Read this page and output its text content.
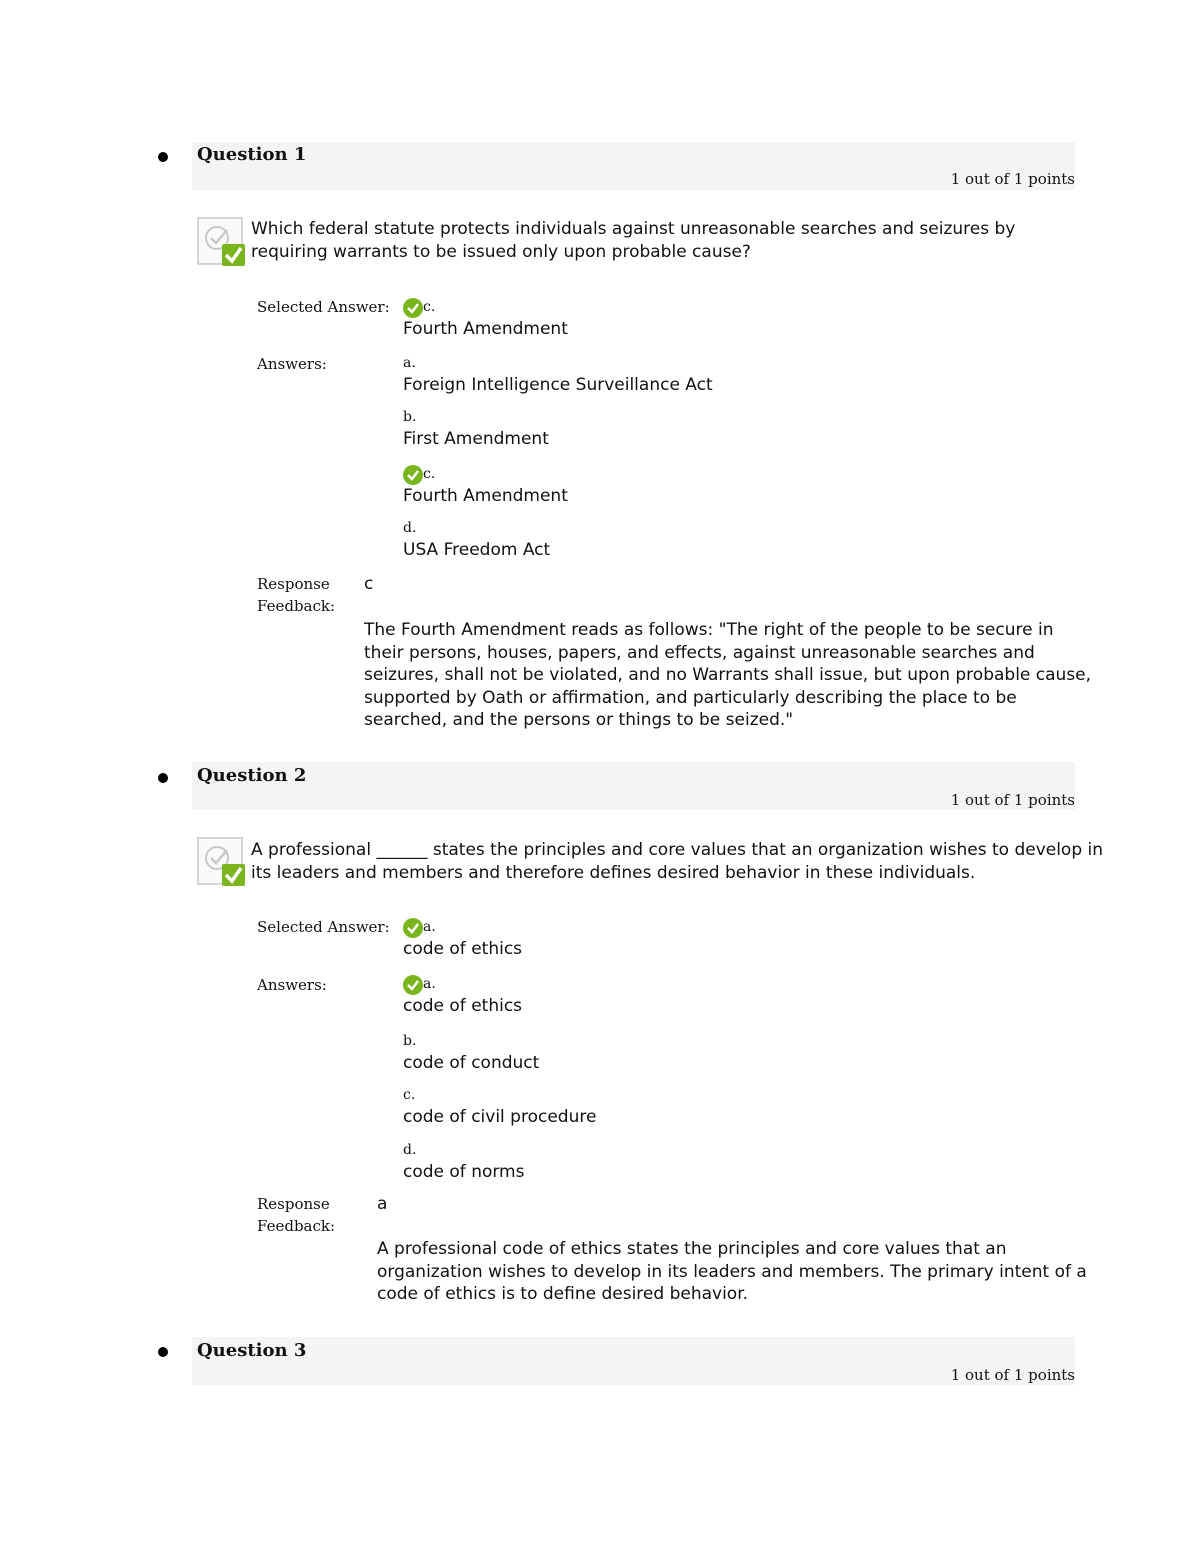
Question 1
1 out of 1 points
Which federal statute protects individuals against unreasonable searches and seizures by requiring warrants to be issued only upon probable cause?
Selected Answer: c.
Fourth Amendment
Answers:	a.
Foreign Intelligence Surveillance Act
b.
First Amendment
c.
Fourth Amendment
d.
USA Freedom Act
Response
Feedback:
c
The Fourth Amendment reads as follows: "The right of the people to be secure in their persons, houses, papers, and effects, against unreasonable searches and seizures, shall not be violated, and no Warrants shall issue, but upon probable cause, supported by Oath or affirmation, and particularly describing the place to be searched, and the persons or things to be seized."
Question 2
1 out of 1 points
A professional ______ states the principles and core values that an organization wishes to develop in its leaders and members and therefore defines desired behavior in these individuals.
Selected Answer: a.
code of ethics
Answers:	a.
code of ethics
b.
code of conduct
c.
code of civil procedure
d.
code of norms
Response
Feedback:
a
A professional code of ethics states the principles and core values that an organization wishes to develop in its leaders and members. The primary intent of a code of ethics is to define desired behavior.
Question 3
1 out of 1 points
